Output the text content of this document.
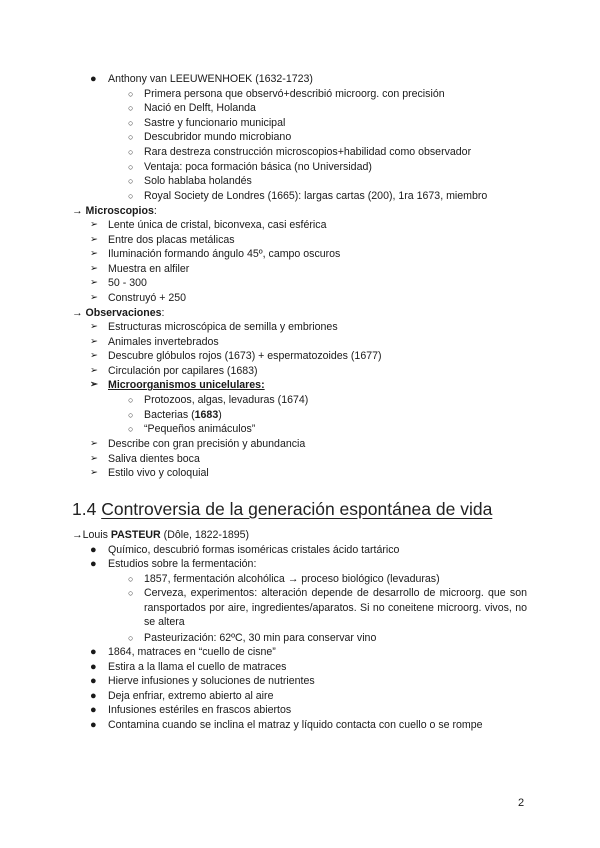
● Anthony van LEEUWENHOEK (1632-1723)
○ Primera persona que observó+describió microorg. con precisión
○ Nació en Delft, Holanda
○ Sastre y funcionario municipal
○ Descubridor mundo microbiano
○ Rara destreza construcción microscopios+habilidad como observador
○ Ventaja: poca formación básica (no Universidad)
○ Solo hablaba holandés
○ Royal Society de Londres (1665): largas cartas (200), 1ra 1673, miembro
→ Microscopios:
➢ Lente única de cristal, biconvexa, casi esférica
➢ Entre dos placas metálicas
➢ Iluminación formando ángulo 45º, campo oscuros
➢ Muestra en alfiler
➢ 50 - 300
➢ Construyó + 250
→ Observaciones:
➢ Estructuras microscópica de semilla y embriones
➢ Animales invertebrados
➢ Descubre glóbulos rojos (1673) + espermatozoides (1677)
➢ Circulación por capilares (1683)
➢ Microorganismos unicelulares:
○ Protozoos, algas, levaduras (1674)
○ Bacterias (1683)
○ “Pequeños animáculos”
➢ Describe con gran precisión y abundancia
➢ Saliva dientes boca
➢ Estilo vivo y coloquial
1.4 Controversia de la generación espontánea de vida
→Louis PASTEUR (Dôle, 1822-1895)
● Químico, descubrió formas isoméricas cristales ácido tartárico
● Estudios sobre la fermentación:
○ 1857, fermentación alcohólica → proceso biológico (levaduras)
○ Cerveza, experimentos: alteración depende de desarrollo de microorg. que son ransportados por aire, ingredientes/aparatos. Si no coneitene microorg. vivos, no se altera
○ Pasteurización: 62ºC, 30 min para conservar vino
● 1864, matraces en “cuello de cisne”
● Estira a la llama el cuello de matraces
● Hierve infusiones y soluciones de nutrientes
● Deja enfriar, extremo abierto al aire
● Infusiones estériles en frascos abiertos
● Contamina cuando se inclina el matraz y líquido contacta con cuello o se rompe
2
